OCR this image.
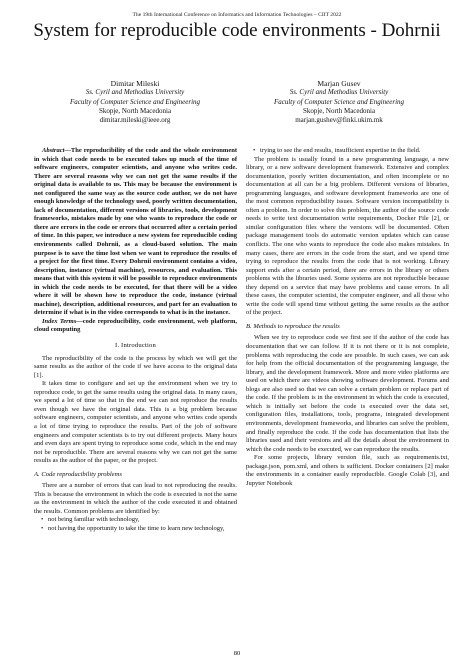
The 19th International Conference on Informatics and Information Technologies – CIIT 2022
System for reproducible code environments - Dohrnii
Dimitar Mileski
Ss. Cyril and Methodius University
Faculty of Computer Science and Engineering
Skopje, North Macedonia
dimitar.mileski@ieee.org
Marjan Gusev
Ss. Cyril and Methodius University
Faculty of Computer Science and Engineering
Skopje, North Macedonia
marjan.gushev@finki.ukim.mk

Abstract—The reproducibility of the code and the whole environment in which that code needs to be executed takes up much of the time of software engineers, computer scientists, and anyone who writes code. There are several reasons why we can not get the same results if the original data is available to us. This may be because the environment is not configured the same way as the source code author, we do not have enough knowledge of the technology used, poorly written documentation, lack of documentation, different versions of libraries, tools, development frameworks, mistakes made by one who wants to reproduce the code or there are errors in the code or errors that occurred after a certain period of time. In this paper, we introduce a new system for reproducible coding environments called Dohrnii, as a cloud-based solution. The main purpose is to save the time lost when we want to reproduce the results of a project for the first time. Every Dohrnii environment contains a video, description, instance (virtual machine), resources, and evaluation. This means that with this system it will be possible to reproduce environments in which the code needs to be executed, for that there will be a video where it will be shown how to reproduce the code, instance (virtual machine), description, additional resources, and part for an evaluation to determine if what is in the video corresponds to what is in the instance.

Index Terms—code reproducibility, code environment, web platform, cloud computing

I. Introduction

The reproducibility of the code is the process by which we will get the same results as the author of the code if we have access to the original data [1].

It takes time to configure and set up the environment when we try to reproduce code, to get the same results using the original data. In many cases, we spend a lot of time so that in the end we can not reproduce the results even though we have the original data. This is a big problem because software engineers, computer scientists, and anyone who writes code spends a lot of time trying to reproduce the results. Part of the job of software engineers and computer scientists is to try out different projects. Many hours and even days are spent trying to reproduce some code, which in the end may not be reproducible. There are several reasons why we can not get the same results as the author of the paper, or the project.

A. Code reproducibility problems

There are a number of errors that can lead to not reproducing the results. This is because the environment in which the code is executed is not the same as the environment in which the author of the code executed it and obtained the results. Common problems are identified by:

• not being familiar with technology,
• not having the opportunity to take the time to learn new technology,
• trying to see the end results, insufficient expertise in the field.

The problem is usually found in a new programming language, a new library, or a new software development framework. Extensive and complex documentation, poorly written documentation, and often incomplete or no documentation at all can be a big problem. Different versions of libraries, programming languages, and software development frameworks are one of the most common reproducibility issues. Software version incompatibility is often a problem. In order to solve this problem, the author of the source code needs to write text documentation write requirements, Docker File [2], or similar configuration files where the versions will be documented. Often package management tools do automatic version updates which can cause conflicts. The one who wants to reproduce the code also makes mistakes. In many cases, there are errors in the code from the start, and we spend time trying to reproduce the results from the code that is not working. Library support ends after a certain period, there are errors in the library or others problems with the libraries used. Some systems are not reproducible because they depend on a service that may have problems and cause errors. In all these cases, the computer scientist, the computer engineer, and all those who write the code will spend time without getting the same results as the author of the project.

B. Methods to reproduce the results

When we try to reproduce code we first see if the author of the code has documentation that we can follow. If it is not there or it is not complete, problems with reproducing the code are possible. In such cases, we can ask for help from the official documentation of the programming language, the library, and the development framework. More and more video platforms are used on which there are videos showing software development. Forums and blogs are also used so that we can solve a certain problem or replace part of the code. If the problem is in the environment in which the code is executed, which is initially set before the code is executed over the data set, configuration files, installations, tools, programs, integrated development environments, development frameworks, and libraries can solve the problem, and finally reproduce the code. If the code has documentation that lists the libraries used and their versions and all the details about the environment in which the code needs to be executed, we can reproduce the results.

For some projects, library version file, such as requirements.txt, package.json, pom.xml, and others is sufficient. Docker containers [2] make the environments in a container easily reproducible. Google Colab [3], and Jupyter Notebook

80
